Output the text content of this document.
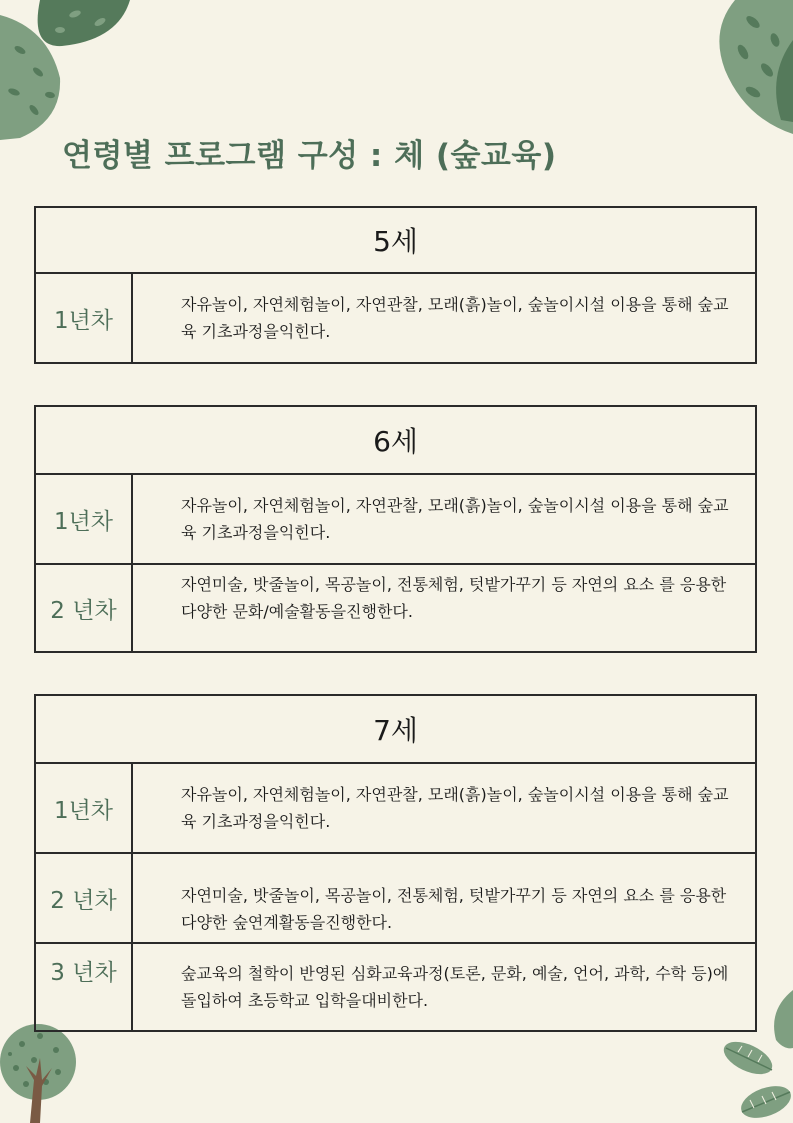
연령별 프로그램 구성 : 체 (숲교육)
5세
1년차
자유놀이, 자연체험놀이, 자연관찰, 모래(흙)놀이, 숲놀이시설 이용을 통해 숲교육 기초과정을익힌다.
6세
1년차
자유놀이, 자연체험놀이, 자연관찰, 모래(흙)놀이, 숲놀이시설 이용을 통해 숲교육 기초과정을익힌다.
2 년차
자연미술, 밧줄놀이, 목공놀이, 전통체험, 텃밭가꾸기 등 자연의 요소 를 응용한 다양한 문화/예술활동을진행한다.
7세
1년차
자유놀이, 자연체험놀이, 자연관찰, 모래(흙)놀이, 숲놀이시설 이용을 통해 숲교육 기초과정을익힌다.
2 년차	자연미술, 밧줄놀이, 목공놀이, 전통체험, 텃밭가꾸기 등 자연의 요소 를 응용한 다양한 숲연계활동을진행한다.
3 년차	숲교육의 철학이 반영된 심화교육과정(토론, 문화, 예술, 언어, 과학, 수학 등)에 돌입하여 초등학교 입학을대비한다.
